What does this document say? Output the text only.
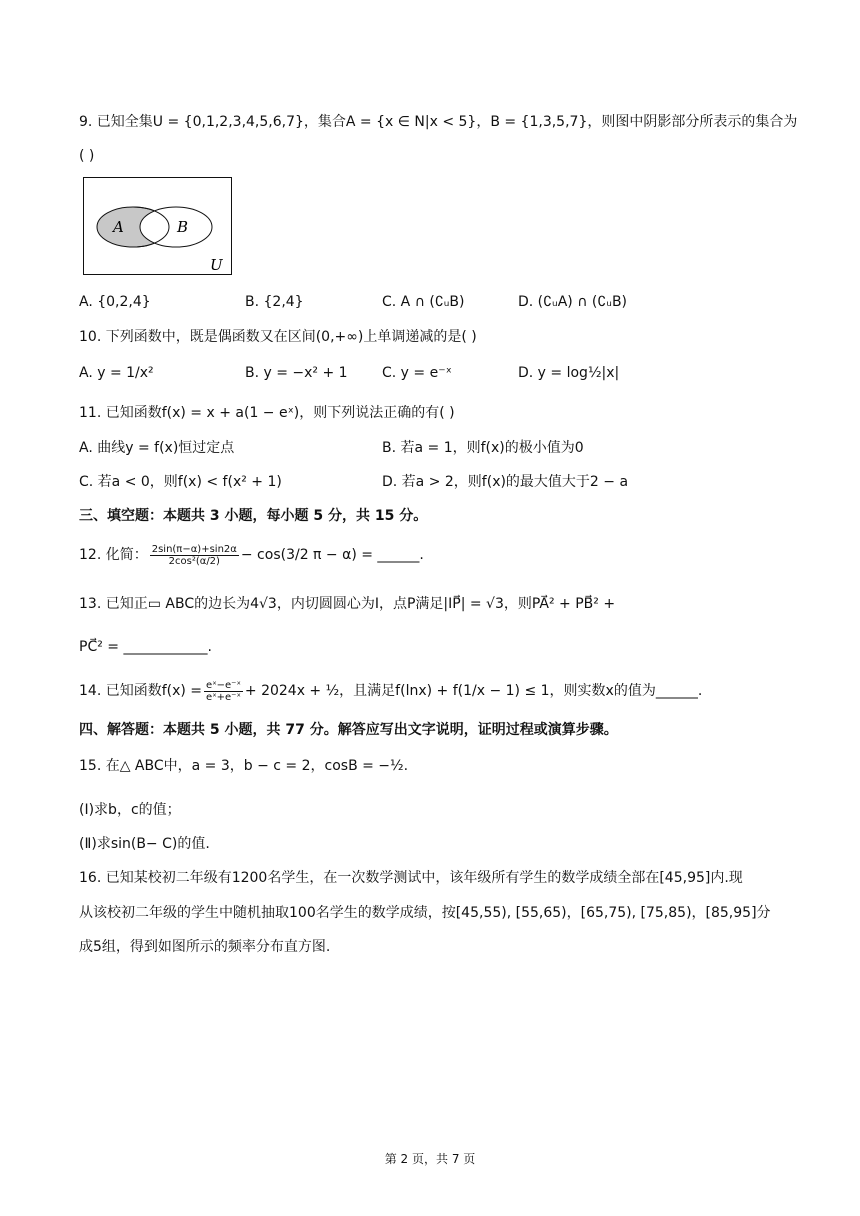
9. 已知全集U = {0,1,2,3,4,5,6,7}，集合A = {x ∈ N|x < 5}，B = {1,3,5,7}，则图中阴影部分所表示的集合为
( )
A	B
U
A. {0,2,4}	B. {2,4}	C. A ∩ (∁ᵤB)	D. (∁ᵤA) ∩ (∁ᵤB)
10. 下列函数中，既是偶函数又在区间(0,+∞)上单调递减的是( )
A. y = 1/x²	B. y = −x² + 1 C. y = e⁻ˣ	D. y = log½|x|
11. 已知函数f(x) = x + a(1 − eˣ)，则下列说法正确的有( )
A. 曲线y = f(x)恒过定点	B. 若a = 1，则f(x)的极小值为0
C. 若a < 0，则f(x) < f(x² + 1)	D. 若a > 2，则f(x)的最大值大于2 − a
三、填空题：本题共 3 小题，每小题 5 分，共 15 分。
12. 化简： $\frac{2\sin(\pi-\alpha)+\sin 2\alpha}{\text{2cos²(α/2)}} - \cos(3/2$ π − α) = ______.
13. 已知正▭ ABC的边长为4√3，内切圆圆心为I，点P满足|IP⃗| = √3，则PA⃗² + PB⃗² +
PC⃗² = ____________.
14. 已知函数$f(x) = \frac{\text{eˣ−e⁻ˣ}}{\text{eˣ+e⁻ˣ}} + 2024x$ + ½，且满足f(lnx) + f(1/x − 1) ≤ 1，则实数x的值为______.
四、解答题：本题共 5 小题，共 77 分。解答应写出文字说明，证明过程或演算步骤。
15. 在△ ABC中，a = 3，b − c = 2，cosB = −½.
(Ⅰ)求b，c的值；
(Ⅱ)求sin(B− C)的值.
16. 已知某校初二年级有1200名学生，在一次数学测试中，该年级所有学生的数学成绩全部在[45,95]内.现
从该校初二年级的学生中随机抽取100名学生的数学成绩，按[45,55), [55,65)，[65,75), [75,85)，[85,95]分
成5组，得到如图所示的频率分布直方图.
第 2 页，共 7 页
